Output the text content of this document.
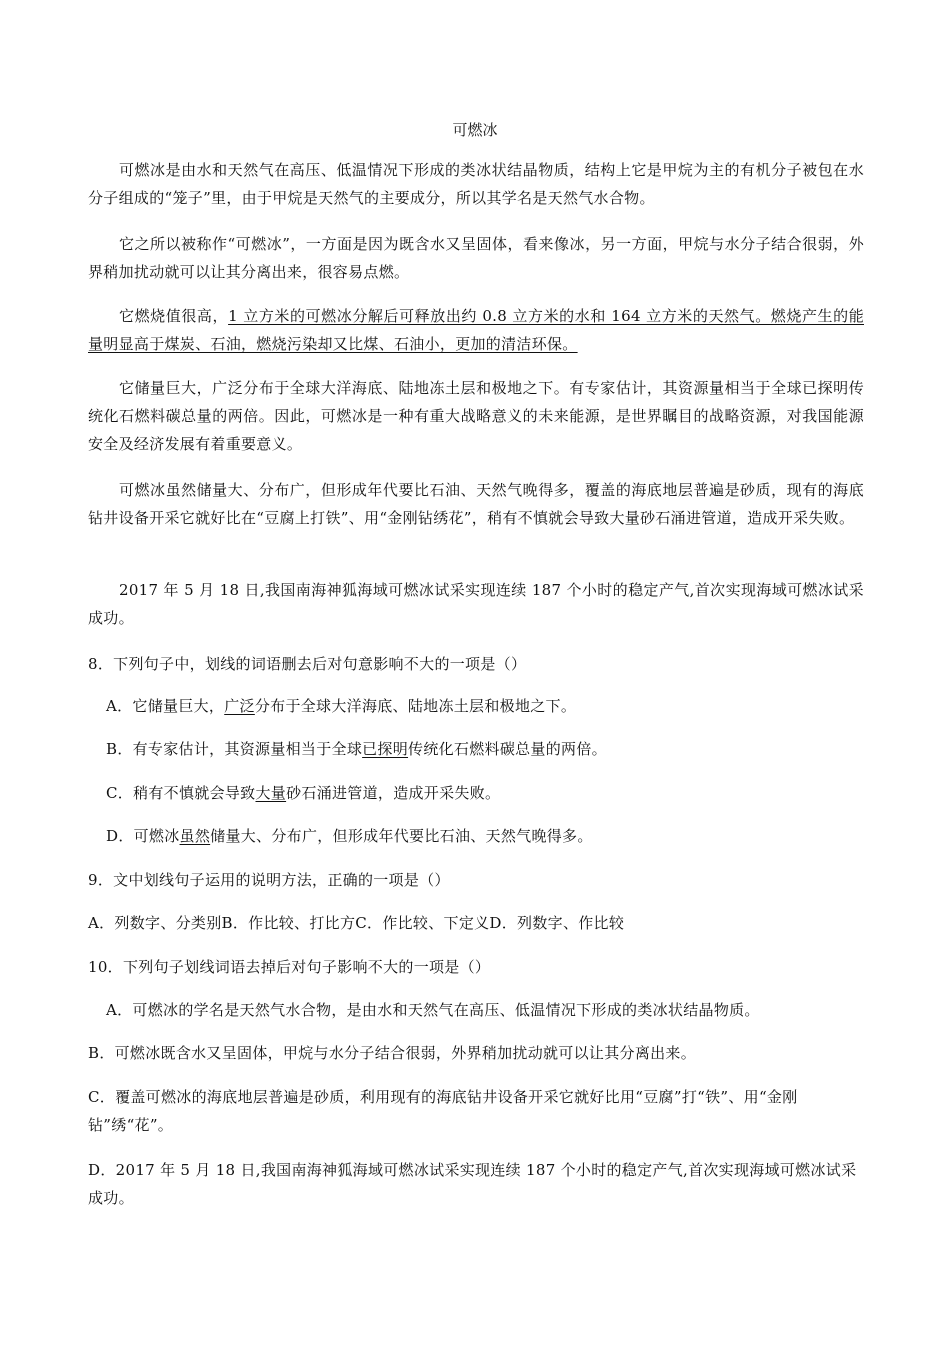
可燃冰
可燃冰是由水和天然气在高压、低温情况下形成的类冰状结晶物质，结构上它是甲烷为主的有机分子被包在水分子组成的“笼子”里，由于甲烷是天然气的主要成分，所以其学名是天然气水合物。
它之所以被称作“可燃冰”，一方面是因为既含水又呈固体，看来像冰，另一方面，甲烷与水分子结合很弱，外界稍加扰动就可以让其分离出来，很容易点燃。
它燃烧值很高，1 立方米的可燃冰分解后可释放出约 0.8 立方米的水和 164 立方米的天然气。燃烧产生的能量明显高于煤炭、石油，燃烧污染却又比煤、石油小，更加的清洁环保。
它储量巨大，广泛分布于全球大洋海底、陆地冻土层和极地之下。有专家估计，其资源量相当于全球已探明传统化石燃料碳总量的两倍。因此，可燃冰是一种有重大战略意义的未来能源，是世界瞩目的战略资源，对我国能源安全及经济发展有着重要意义。
可燃冰虽然储量大、分布广，但形成年代要比石油、天然气晚得多，覆盖的海底地层普遍是砂质，现有的海底钻井设备开采它就好比在“豆腐上打铁”、用“金刚钻绣花”，稍有不慎就会导致大量砂石涌进管道，造成开采失败。
2017 年 5 月 18 日,我国南海神狐海域可燃冰试采实现连续 187 个小时的稳定产气,首次实现海域可燃冰试采成功。
8．下列句子中，划线的词语删去后对句意影响不大的一项是（）
A．它储量巨大，广泛分布于全球大洋海底、陆地冻土层和极地之下。
B．有专家估计，其资源量相当于全球已探明传统化石燃料碳总量的两倍。
C．稍有不慎就会导致大量砂石涌进管道，造成开采失败。
D．可燃冰虽然储量大、分布广，但形成年代要比石油、天然气晚得多。
9．文中划线句子运用的说明方法，正确的一项是（）
A．列数字、分类别B．作比较、打比方C．作比较、下定义D．列数字、作比较
10．下列句子划线词语去掉后对句子影响不大的一项是（）
A．可燃冰的学名是天然气水合物，是由水和天然气在高压、低温情况下形成的类冰状结晶物质。
B．可燃冰既含水又呈固体，甲烷与水分子结合很弱，外界稍加扰动就可以让其分离出来。
C．覆盖可燃冰的海底地层普遍是砂质，利用现有的海底钻井设备开采它就好比用“豆腐”打“铁”、用“金刚钻”绣“花”。
D．2017 年 5 月 18 日,我国南海神狐海域可燃冰试采实现连续 187 个小时的稳定产气,首次实现海域可燃冰试采成功。
